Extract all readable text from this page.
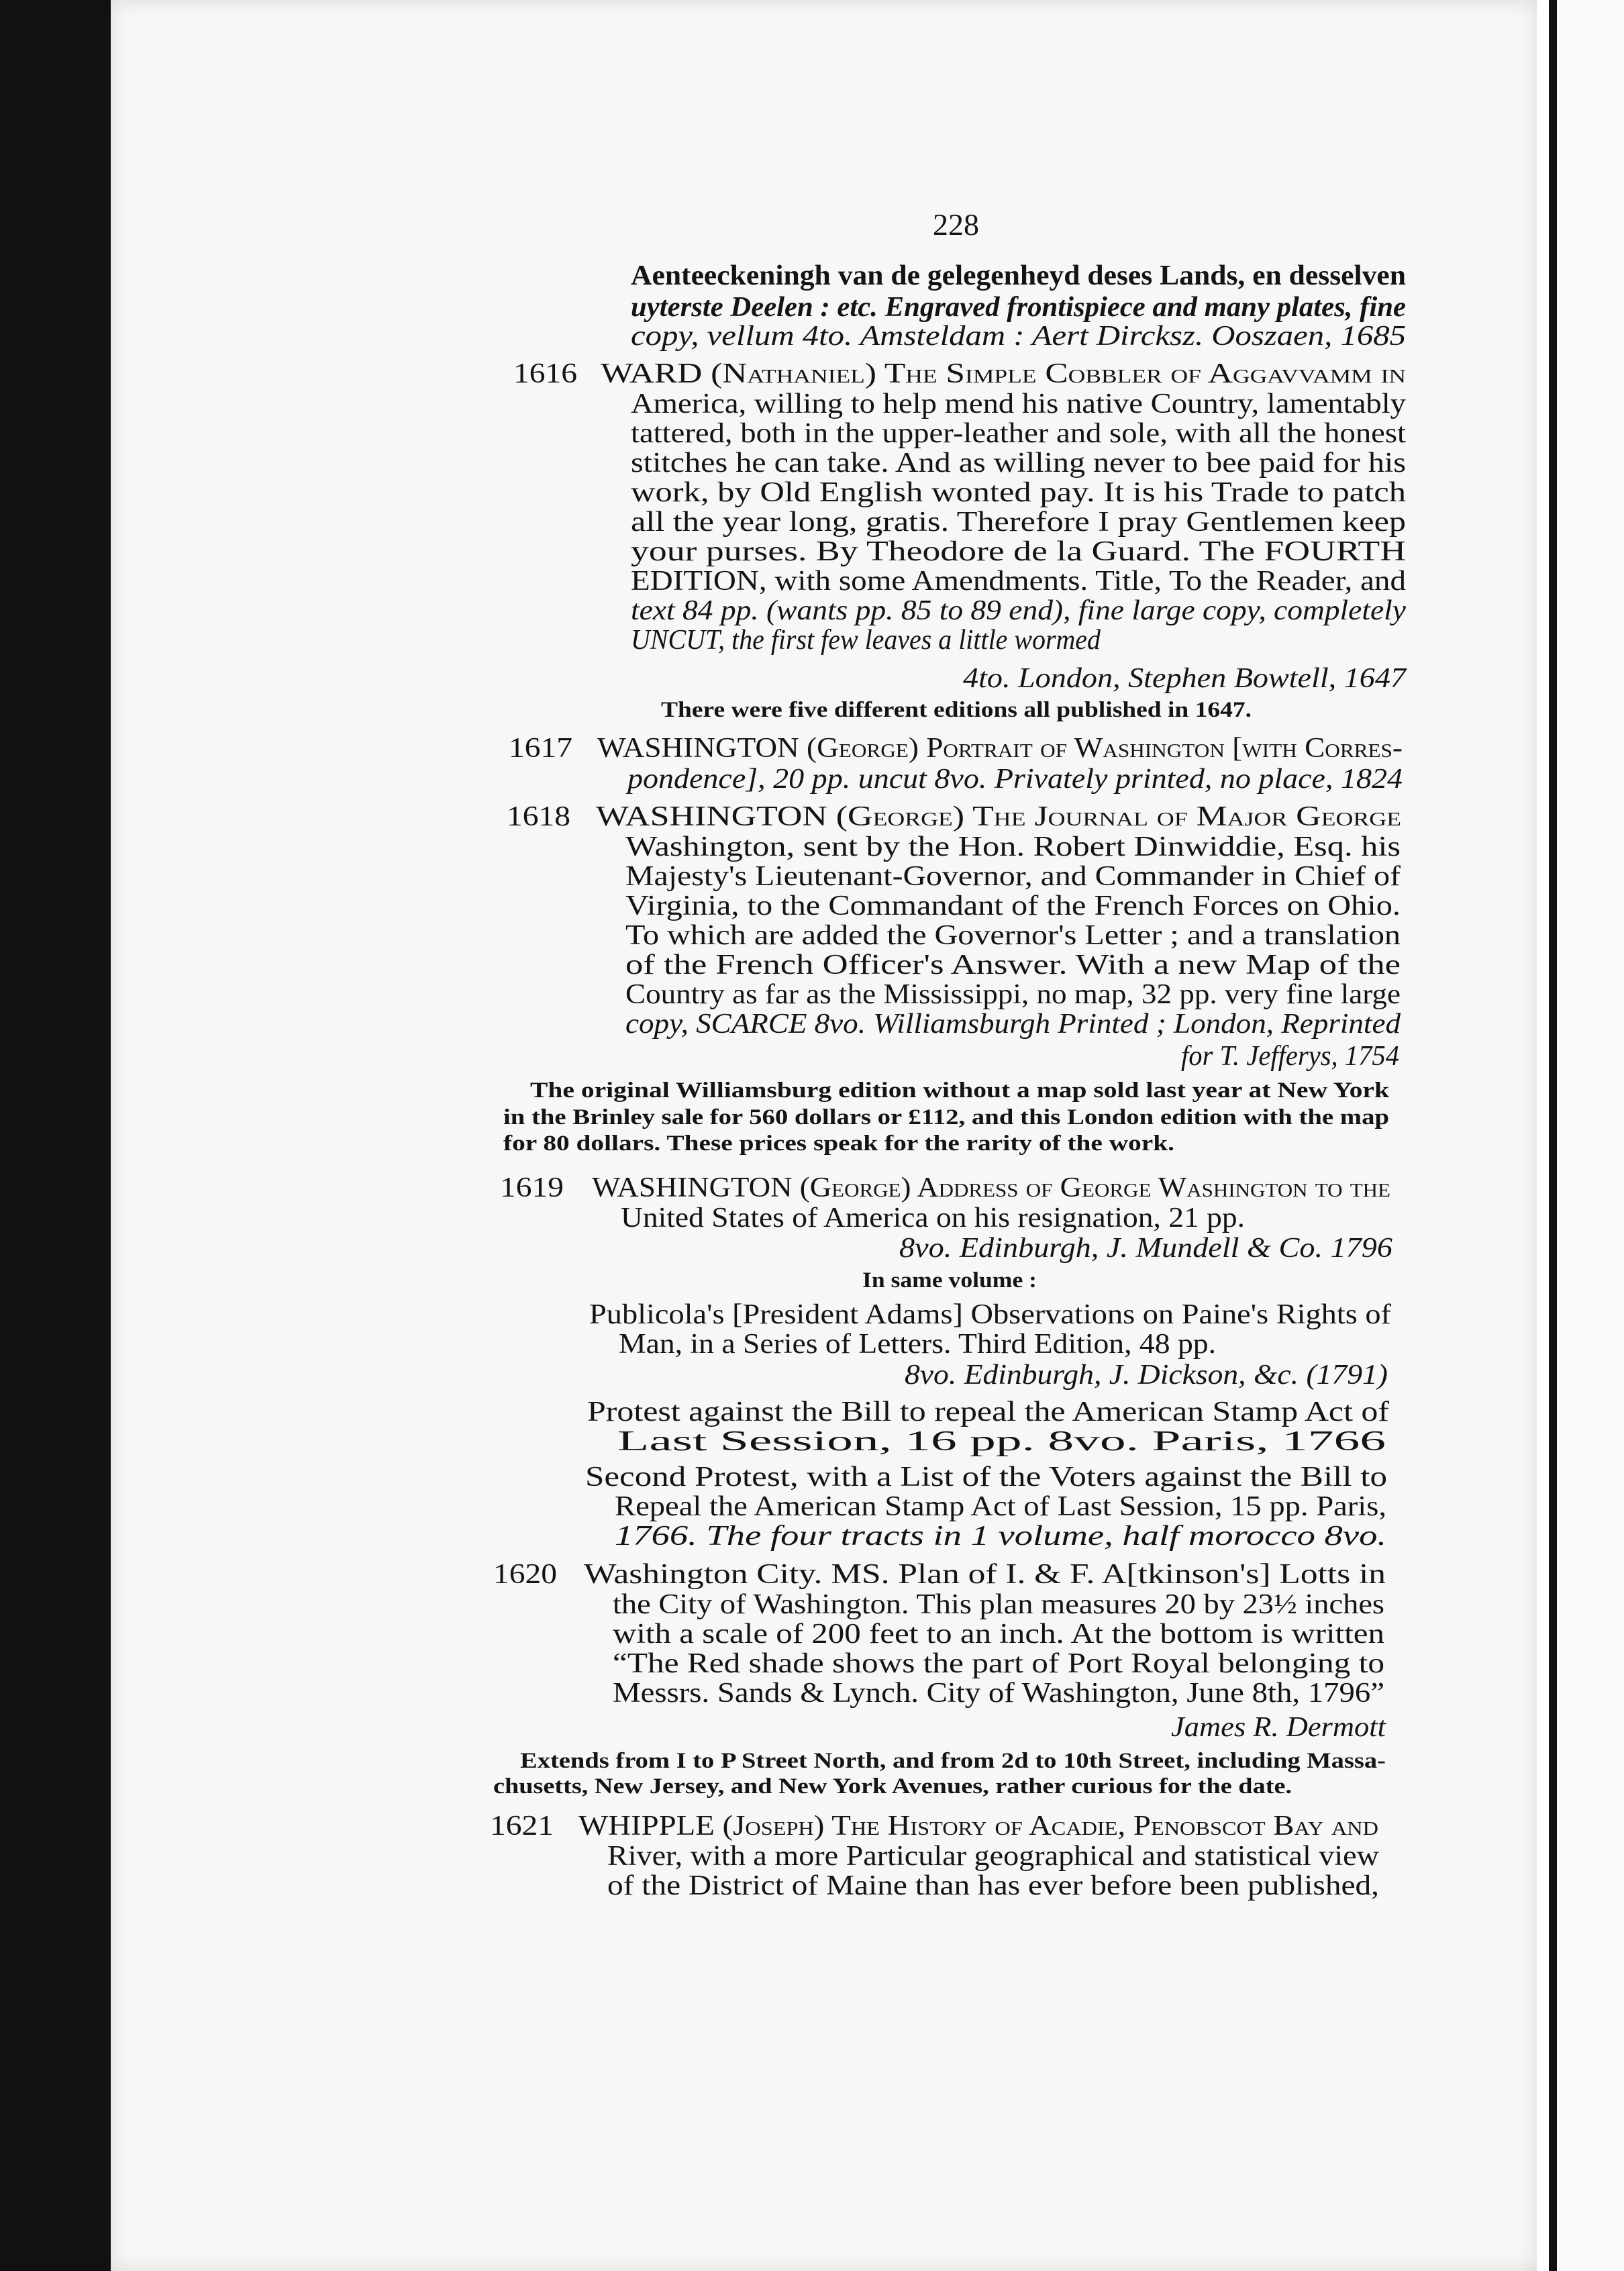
228
Aenteeckeningh van de gelegenheyd deses Lands, en desselven
uyterste Deelen : etc. Engraved frontispiece and many plates, fine
copy, vellum 4to. Amsteldam : Aert Dircksz. Ooszaen, 1685
1616 WARD (Nathaniel) The Simple Cobbler of Aggavvamm in
America, willing to help mend his native Country, lamentably
tattered, both in the upper-leather and sole, with all the honest
stitches he can take. And as willing never to bee paid for his
work, by Old English wonted pay. It is his Trade to patch
all the year long, gratis. Therefore I pray Gentlemen keep
your purses. By Theodore de la Guard. The FOURTH
EDITION, with some Amendments. Title, To the Reader, and
text 84 pp. (wants pp. 85 to 89 end), fine large copy, completely
UNCUT, the first few leaves a little wormed
4to. London, Stephen Bowtell, 1647
There were five different editions all published in 1647.
1617 WASHINGTON (George) Portrait of Washington [with Corres-
pondence], 20 pp. uncut 8vo. Privately printed, no place, 1824
1618 WASHINGTON (George) The Journal of Major George
Washington, sent by the Hon. Robert Dinwiddie, Esq. his
Majesty's Lieutenant-Governor, and Commander in Chief of
Virginia, to the Commandant of the French Forces on Ohio.
To which are added the Governor's Letter ; and a translation
of the French Officer's Answer. With a new Map of the
Country as far as the Mississippi, no map, 32 pp. very fine large
copy, SCARCE 8vo. Williamsburgh Printed ; London, Reprinted
for T. Jefferys, 1754
The original Williamsburg edition without a map sold last year at New York
in the Brinley sale for 560 dollars or £112, and this London edition with the map
for 80 dollars. These prices speak for the rarity of the work.
1619 WASHINGTON (George) Address of George Washington to the
United States of America on his resignation, 21 pp.
8vo. Edinburgh, J. Mundell & Co. 1796
In same volume :
Publicola's [President Adams] Observations on Paine's Rights of
Man, in a Series of Letters. Third Edition, 48 pp.
8vo. Edinburgh, J. Dickson, &c. (1791)
Protest against the Bill to repeal the American Stamp Act of
Last Session, 16 pp. 8vo. Paris, 1766
Second Protest, with a List of the Voters against the Bill to
Repeal the American Stamp Act of Last Session, 15 pp. Paris,
1766. The four tracts in 1 volume, half morocco 8vo.
1620 Washington City. MS. Plan of I. & F. A[tkinson's] Lotts in
the City of Washington. This plan measures 20 by 23½ inches
with a scale of 200 feet to an inch. At the bottom is written
“The Red shade shows the part of Port Royal belonging to
Messrs. Sands & Lynch. City of Washington, June 8th, 1796”
James R. Dermott
Extends from I to P Street North, and from 2d to 10th Street, including Massa-
chusetts, New Jersey, and New York Avenues, rather curious for the date.
1621 WHIPPLE (Joseph) The History of Acadie, Penobscot Bay and
River, with a more Particular geographical and statistical view
of the District of Maine than has ever before been published,
